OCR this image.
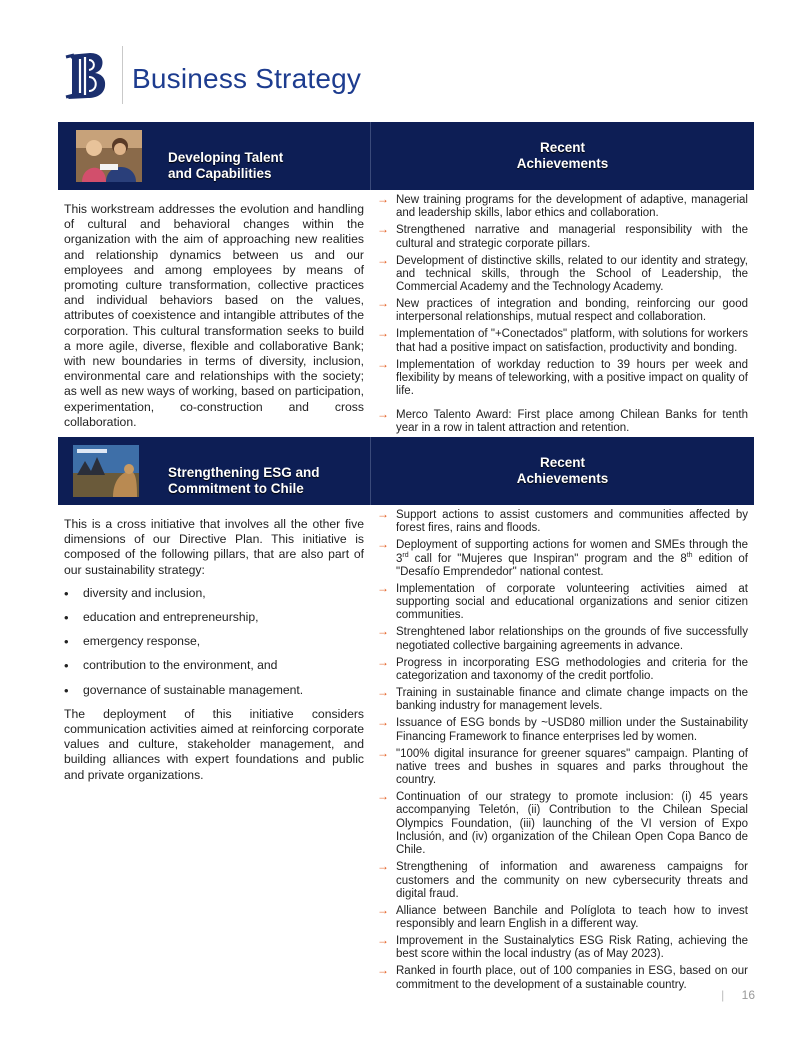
Business Strategy
Developing Talent
and Capabilities
Recent
Achievements

This workstream addresses the evolution and handling of cultural and behavioral changes within the organization with the aim of approaching new realities and relationship dynamics between us and our employees and among employees by means of promoting culture transformation, collective practices and individual behaviors based on the values, attributes of coexistence and intangible attributes of the corporation. This cultural transformation seeks to build a more agile, diverse, flexible and collaborative Bank; with new boundaries in terms of diversity, inclusion, environmental care and relationships with the society; as well as new ways of working, based on participation, experimentation, co-construction and cross collaboration.

→ New training programs for the development of adaptive, managerial and leadership skills, labor ethics and collaboration.
→ Strengthened narrative and managerial responsibility with the cultural and strategic corporate pillars.
→ Development of distinctive skills, related to our identity and strategy, and technical skills, through the School of Leadership, the Commercial Academy and the Technology Academy.
→ New practices of integration and bonding, reinforcing our good interpersonal relationships, mutual respect and collaboration.
→ Implementation of "+Conectados" platform, with solutions for workers that had a positive impact on satisfaction, productivity and bonding.
→ Implementation of workday reduction to 39 hours per week and flexibility by means of teleworking, with a positive impact on quality of life.
→ Merco Talento Award: First place among Chilean Banks for tenth year in a row in talent attraction and retention.
Strengthening ESG and
Commitment to Chile
Recent
Achievements

This is a cross initiative that involves all the other five dimensions of our Directive Plan. This initiative is composed of the following pillars, that are also part of our sustainability strategy:

•	diversity and inclusion,
•	education and entrepreneurship,
•	emergency response,
•	contribution to the environment, and
•	governance of sustainable management.

The deployment of this initiative considers communication activities aimed at reinforcing corporate values and culture, stakeholder management, and building alliances with expert foundations and public and private organizations.

→ Support actions to assist customers and communities affected by forest fires, rains and floods.
→ Deployment of supporting actions for women and SMEs through the 3rd call for "Mujeres que Inspiran" program and the 8th edition of "Desafío Emprendedor" national contest.
→ Implementation of corporate volunteering activities aimed at supporting social and educational organizations and senior citizen communities.
→ Strenghtened labor relationships on the grounds of five successfully negotiated collective bargaining agreements in advance.
→ Progress in incorporating ESG methodologies and criteria for the categorization and taxonomy of the credit portfolio.
→ Training in sustainable finance and climate change impacts on the banking industry for management levels.
→ Issuance of ESG bonds by ~USD80 million under the Sustainability Financing Framework to finance enterprises led by women.
→ "100% digital insurance for greener squares" campaign. Planting of native trees and bushes in squares and parks throughout the country.
→ Continuation of our strategy to promote inclusion: (i) 45 years accompanying Teletón, (ii) Contribution to the Chilean Special Olympics Foundation, (iii) launching of the VI version of Expo Inclusión, and (iv) organization of the Chilean Open Copa Banco de Chile.
→ Strengthening of information and awareness campaigns for customers and the community on new cybersecurity threats and digital fraud.
→ Alliance between Banchile and Políglota to teach how to invest responsibly and learn English in a different way.
→ Improvement in the Sustainalytics ESG Risk Rating, achieving the best score within the local industry (as of May 2023).
→ Ranked in fourth place, out of 100 companies in ESG, based on our commitment to the development of a sustainable country.
| 16
